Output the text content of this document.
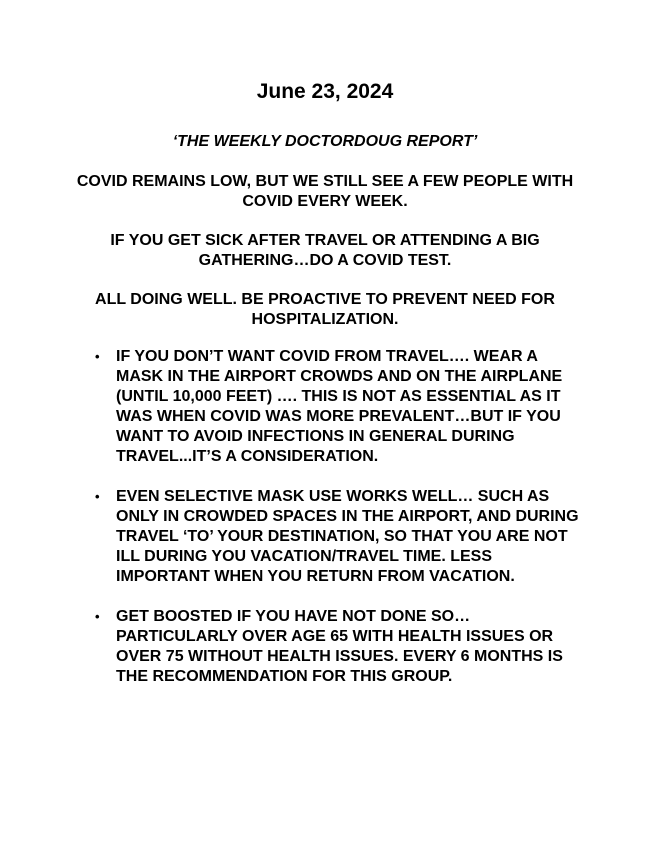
June 23, 2024
‘THE WEEKLY DOCTORDOUG REPORT’
COVID REMAINS LOW, BUT WE STILL SEE A FEW PEOPLE WITH COVID EVERY WEEK.
IF YOU GET SICK AFTER TRAVEL OR ATTENDING A BIG GATHERING…DO A COVID TEST.
ALL DOING WELL. BE PROACTIVE TO PREVENT NEED FOR HOSPITALIZATION.
• IF YOU DON’T WANT COVID FROM TRAVEL…. WEAR A MASK IN THE AIRPORT CROWDS AND ON THE AIRPLANE (UNTIL 10,000 FEET) …. THIS IS NOT AS ESSENTIAL AS IT WAS WHEN COVID WAS MORE PREVALENT…BUT IF YOU WANT TO AVOID INFECTIONS IN GENERAL DURING TRAVEL...IT’S A CONSIDERATION.
• EVEN SELECTIVE MASK USE WORKS WELL… SUCH AS ONLY IN CROWDED SPACES IN THE AIRPORT, AND DURING TRAVEL ‘TO’ YOUR DESTINATION, SO THAT YOU ARE NOT ILL DURING YOU VACATION/TRAVEL TIME. LESS IMPORTANT WHEN YOU RETURN FROM VACATION.
• GET BOOSTED IF YOU HAVE NOT DONE SO…PARTICULARLY OVER AGE 65 WITH HEALTH ISSUES OR OVER 75 WITHOUT HEALTH ISSUES. EVERY 6 MONTHS IS THE RECOMMENDATION FOR THIS GROUP.
